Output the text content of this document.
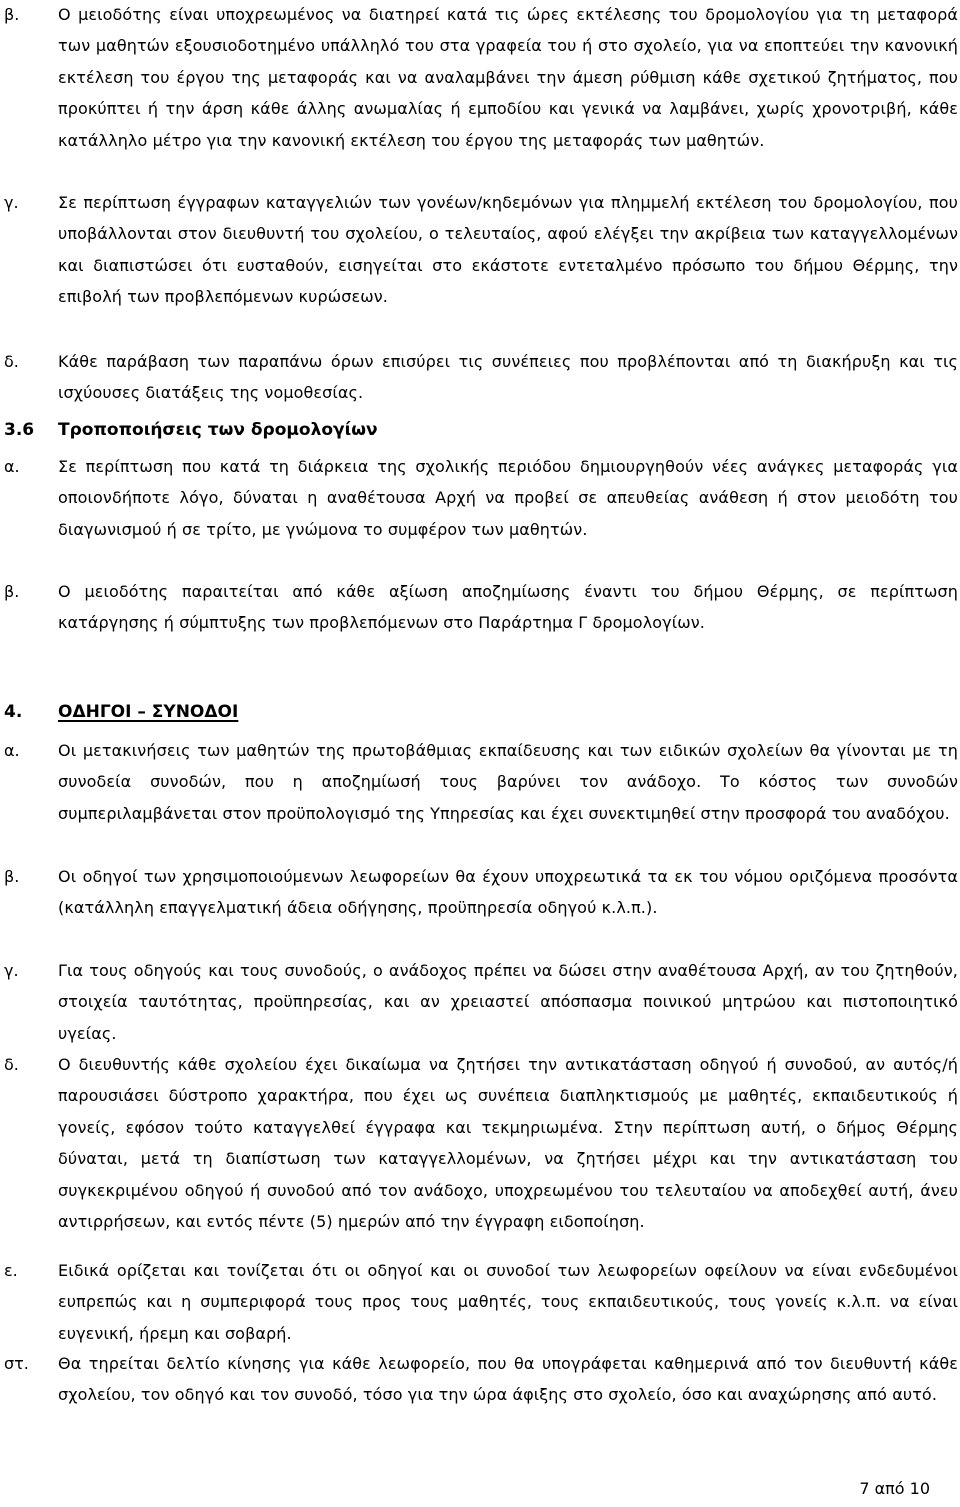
β.	Ο μειοδότης είναι υποχρεωμένος να διατηρεί κατά τις ώρες εκτέλεσης του δρομολογίου για τη μεταφορά των μαθητών εξουσιοδοτημένο υπάλληλό του στα γραφεία του ή στο σχολείο, για να εποπτεύει την κανονική εκτέλεση του έργου της μεταφοράς και να αναλαμβάνει την άμεση ρύθμιση κάθε σχετικού ζητήματος, που προκύπτει ή την άρση κάθε άλλης ανωμαλίας ή εμποδίου και γενικά να λαμβάνει, χωρίς χρονοτριβή, κάθε κατάλληλο μέτρο για την κανονική εκτέλεση του έργου της μεταφοράς των μαθητών.
γ.	Σε περίπτωση έγγραφων καταγγελιών των γονέων/κηδεμόνων για πλημμελή εκτέλεση του δρομολογίου, που υποβάλλονται στον διευθυντή του σχολείου, ο τελευταίος, αφού ελέγξει την ακρίβεια των καταγγελλομένων και διαπιστώσει ότι ευσταθούν, εισηγείται στο εκάστοτε εντεταλμένο πρόσωπο του δήμου Θέρμης, την επιβολή των προβλεπόμενων κυρώσεων.
δ.	Κάθε παράβαση των παραπάνω όρων επισύρει τις συνέπειες που προβλέπονται από τη διακήρυξη και τις ισχύουσες διατάξεις της νομοθεσίας.
3.6	Τροποποιήσεις των δρομολογίων
α.	Σε περίπτωση που κατά τη διάρκεια της σχολικής περιόδου δημιουργηθούν νέες ανάγκες μεταφοράς για οποιονδήποτε λόγο, δύναται η αναθέτουσα Αρχή να προβεί σε απευθείας ανάθεση ή στον μειοδότη του διαγωνισμού ή σε τρίτο, με γνώμονα το συμφέρον των μαθητών.
β.	Ο μειοδότης παραιτείται από κάθε αξίωση αποζημίωσης έναντι του δήμου Θέρμης, σε περίπτωση κατάργησης ή σύμπτυξης των προβλεπόμενων στο Παράρτημα Γ δρομολογίων.
4.	ΟΔΗΓΟΙ – ΣΥΝΟΔΟΙ
α.	Οι μετακινήσεις των μαθητών της πρωτοβάθμιας εκπαίδευσης και των ειδικών σχολείων θα γίνονται με τη συνοδεία συνοδών, που η αποζημίωσή τους βαρύνει τον ανάδοχο. Το κόστος των συνοδών συμπεριλαμβάνεται στον προϋπολογισμό της Υπηρεσίας και έχει συνεκτιμηθεί στην προσφορά του αναδόχου.
β.	Οι οδηγοί των χρησιμοποιούμενων λεωφορείων θα έχουν υποχρεωτικά τα εκ του νόμου οριζόμενα προσόντα (κατάλληλη επαγγελματική άδεια οδήγησης, προϋπηρεσία οδηγού κ.λ.π.).
γ.	Για τους οδηγούς και τους συνοδούς, ο ανάδοχος πρέπει να δώσει στην αναθέτουσα Αρχή, αν του ζητηθούν, στοιχεία ταυτότητας, προϋπηρεσίας, και αν χρειαστεί απόσπασμα ποινικού μητρώου και πιστοποιητικό υγείας.
δ.	Ο διευθυντής κάθε σχολείου έχει δικαίωμα να ζητήσει την αντικατάσταση οδηγού ή συνοδού, αν αυτός/ή παρουσιάσει δύστροπο χαρακτήρα, που έχει ως συνέπεια διαπληκτισμούς με μαθητές, εκπαιδευτικούς ή γονείς, εφόσον τούτο καταγγελθεί έγγραφα και τεκμηριωμένα. Στην περίπτωση αυτή, ο δήμος Θέρμης δύναται, μετά τη διαπίστωση των καταγγελλομένων, να ζητήσει μέχρι και την αντικατάσταση του συγκεκριμένου οδηγού ή συνοδού από τον ανάδοχο, υποχρεωμένου του τελευταίου να αποδεχθεί αυτή, άνευ αντιρρήσεων, και εντός πέντε (5) ημερών από την έγγραφη ειδοποίηση.
ε.	Ειδικά ορίζεται και τονίζεται ότι οι οδηγοί και οι συνοδοί των λεωφορείων οφείλουν να είναι ενδεδυμένοι ευπρεπώς και η συμπεριφορά τους προς τους μαθητές, τους εκπαιδευτικούς, τους γονείς κ.λ.π. να είναι ευγενική, ήρεμη και σοβαρή.
στ.	Θα τηρείται δελτίο κίνησης για κάθε λεωφορείο, που θα υπογράφεται καθημερινά από τον διευθυντή κάθε σχολείου, τον οδηγό και τον συνοδό, τόσο για την ώρα άφιξης στο σχολείο, όσο και αναχώρησης από αυτό.
7 από 10
